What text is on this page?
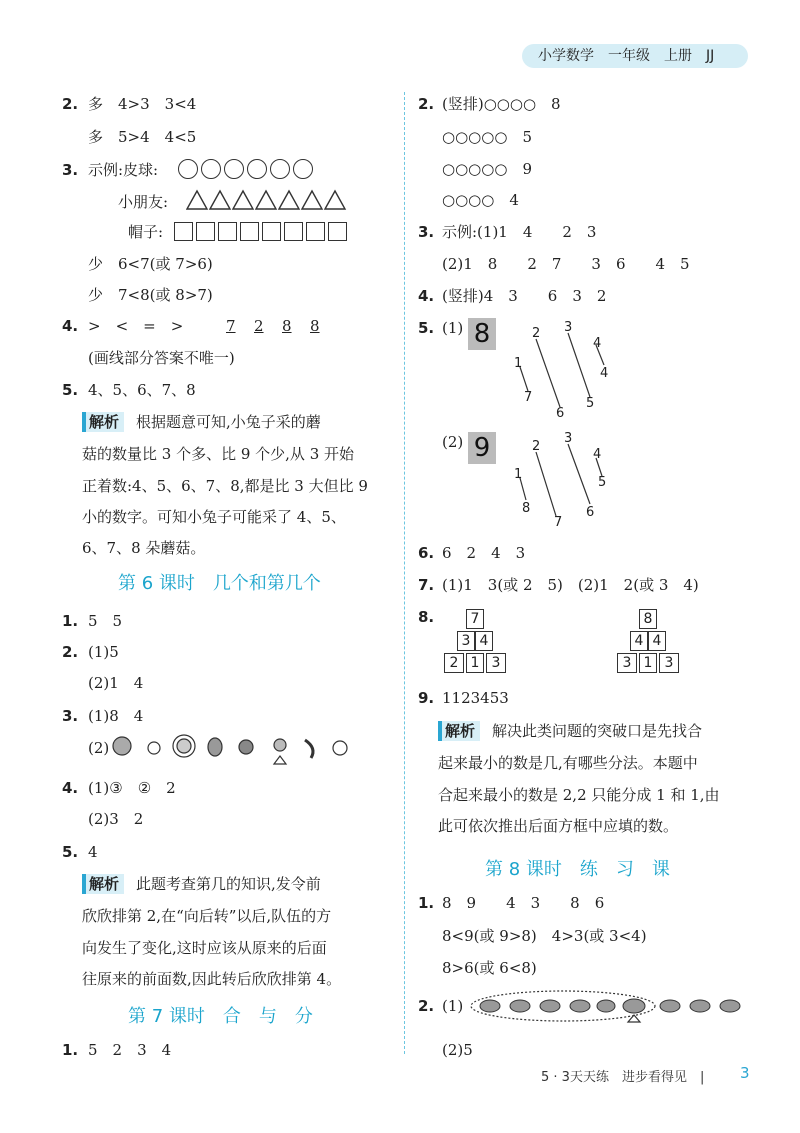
小学数学　一年级　上册　JJ
2. 多　4>3　3<4
多　5>4　4<5
3. 示例:皮球:
小朋友:
帽子:
少　6<7(或 7>6)
少　7<8(或 8>7)
4. >　<　=　>	7 2 8 8
(画线部分答案不唯一)
5. 4、5、6、7、8
解析 根据题意可知,小兔子采的蘑
菇的数量比 3 个多、比 9 个少,从 3 开始
正着数:4、5、6、7、8,都是比 3 大但比 9
小的数字。可知小兔子可能采了 4、5、
6、7、8 朵蘑菇。
第 6 课时　几个和第几个
1. 5　5
2. (1)5
(2)1　4
3. (1)8　4
(2)
4. (1)③　②　2
(2)3　2
5. 4
解析 此题考查第几的知识,发令前
欣欣排第 2,在“向后转”以后,队伍的方
向发生了变化,这时应该从原来的后面
往原来的前面数,因此转后欣欣排第 4。
第 7 课时　合　与　分
1. 5　2　3　4
2. (竖排)○○○○　8
○○○○○　5
○○○○○　9
○○○○　4
3. 示例:(1)1　4　　2　3
(2)1　8　　2　7　　3　6　　4　5
4. (竖排)4　3　　6　3　2
5. (1) 8	2 3
4
1
4
7
6
5
(2) 9	2
3
4
1
5
8
7
6
6. 6　2　4　3
7. (1)1　3(或 2　5)　(2)1　2(或 3　4)
8.	7
3 4
2 1 3
8
4 4
3 1 3
9. 1123453
解析 解决此类问题的突破口是先找合
起来最小的数是几,有哪些分法。本题中
合起来最小的数是 2,2 只能分成 1 和 1,由
此可依次推出后面方框中应填的数。
第 8 课时　练　习　课
1. 8　9　　4　3　　8　6
8<9(或 9>8)　4>3(或 3<4)
8>6(或 6<8)
2. (1)
(2)5
5 · 3天天练　进步看得见　| 3
